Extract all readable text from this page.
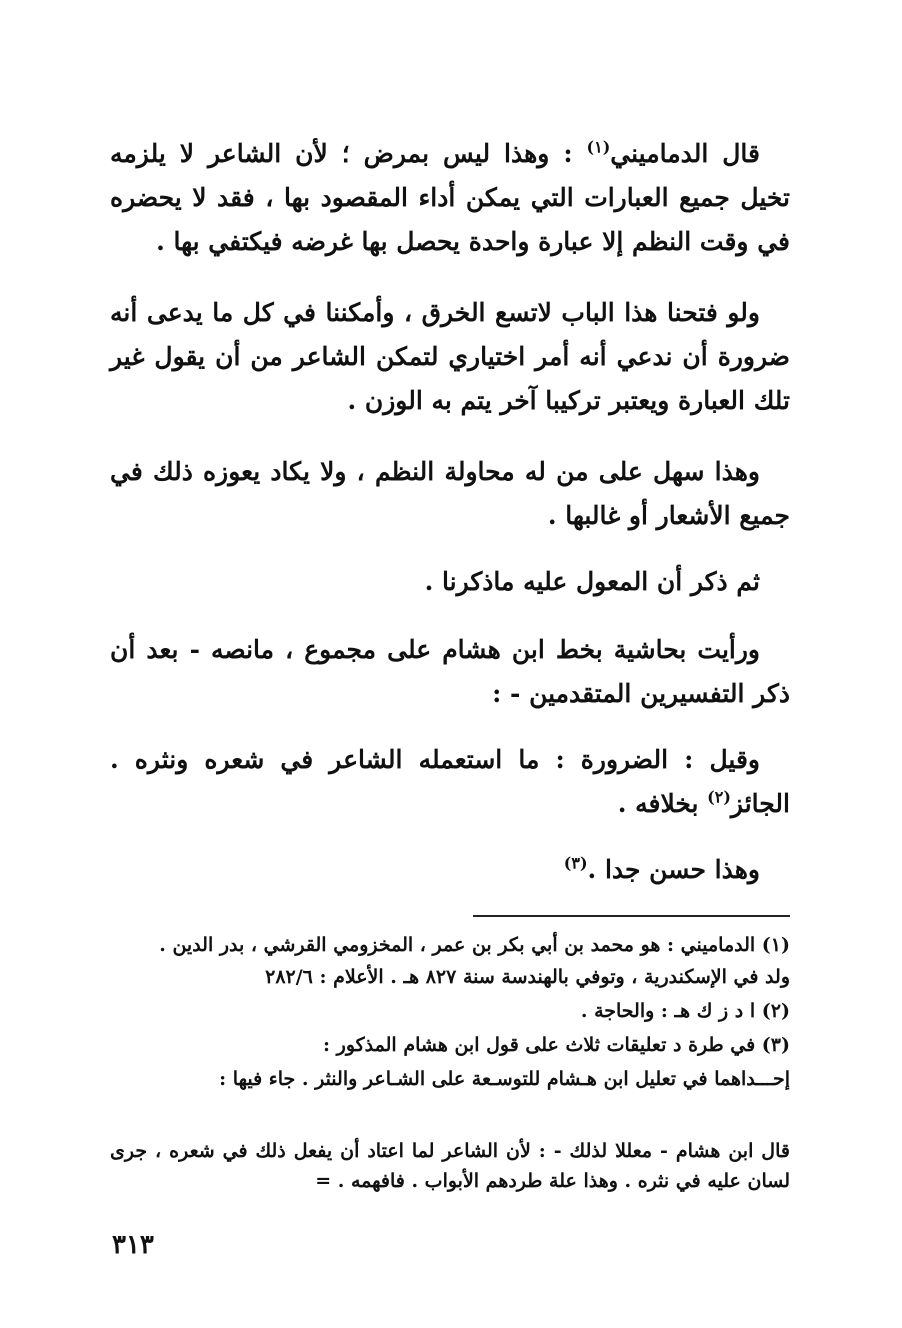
قال الدماميني$^{(١)}$ : وهذا ليس بمرض ؛ لأن الشاعر لا يلزمه تخيل جميع العبارات التي يمكن أداء المقصود بها ، فقد لا يحضره في وقت النظم إلا عبارة واحدة يحصل بها غرضه فيكتفي بها .
ولو فتحنا هذا الباب لاتسع الخرق ، وأمكننا في كل ما يدعى أنه ضرورة أن ندعي أنه أمر اختياري لتمكن الشاعر من أن يقول غير تلك العبارة ويعتبر تركيبا آخر يتم به الوزن .
وهذا سهل على من له محاولة النظم ، ولا يكاد يعوزه ذلك في جميع الأشعار أو غالبها .
ثم ذكر أن المعول عليه ماذكرنا .
ورأيت بحاشية بخط ابن هشام على مجموع ، مانصه - بعد أن ذكر التفسيرين المتقدمين - :
وقيل : الضرورة : ما استعمله الشاعر في شعره ونثره . الجائز$^{(٢)}$ بخلافه .
وهذا حسن جدا .$^{(٣)}$
(١) الدماميني : هو محمد بن أبي بكر بن عمر ، المخزومي القرشي ، بدر الدين .
ولد في الإسكندرية ، وتوفي بالهندسة سنة ٨٢٧ هـ . الأعلام : ٢٨٢/٦
(٢) ا د ز ك هـ : والحاجة .
(٣) في طرة د تعليقات ثلاث على قول ابن هشام المذكور :
إحـــداهما في تعليل ابن هـشام للتوسـعة على الشـاعر والنثر . جاء فيها :
قال ابن هشام - معللا لذلك - : لأن الشاعر لما اعتاد أن يفعل ذلك في شعره ، جرى لسان عليه في نثره . وهذا علة طردهم الأبواب . فافهمه . =
٣١٣
